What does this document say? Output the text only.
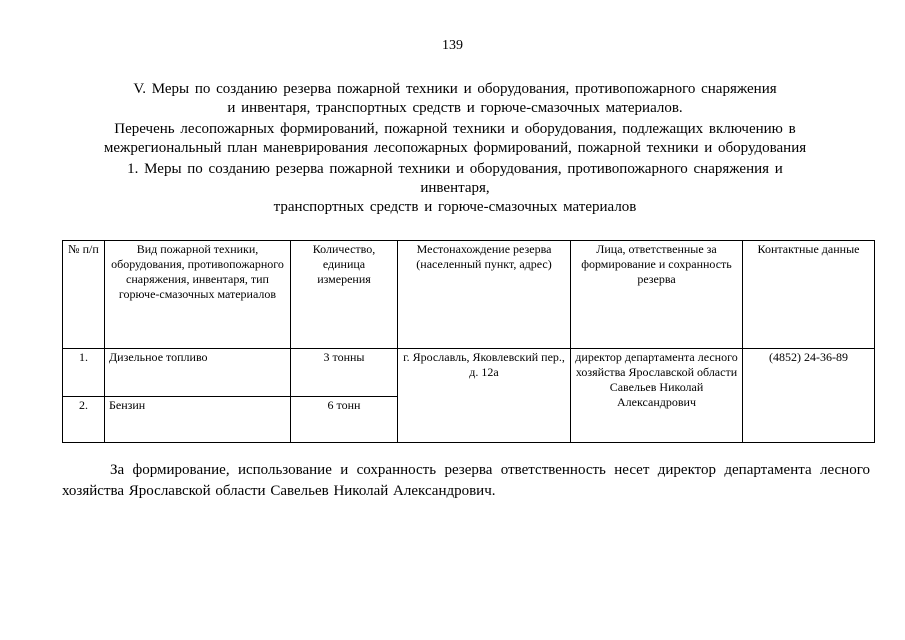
139
V. Меры по созданию резерва пожарной техники и оборудования, противопожарного снаряжения
и инвентаря, транспортных средств и горюче-смазочных материалов.
Перечень лесопожарных формирований, пожарной техники и оборудования, подлежащих включению в
межрегиональный план маневрирования лесопожарных формирований, пожарной техники и оборудования
1. Меры по созданию резерва пожарной техники и оборудования, противопожарного снаряжения и
инвентаря,
транспортных средств и горюче-смазочных материалов
№ п/п	Вид пожарной техники, оборудования, противопожарного снаряжения, инвентаря, тип горюче-смазочных материалов	Количество, единица измерения	Местонахождение резерва (населенный пункт, адрес)	Лица, ответственные за формирование и сохранность резерва	Контактные данные
1.	Дизельное топливо	3 тонны	г. Ярославль, Яковлевский пер., д. 12а	директор департамента лесного хозяйства Ярославской области Савельев Николай Александрович	(4852) 24-36-89
2.	Бензин	6 тонн			
За формирование, использование и сохранность резерва ответственность несет директор департамента лесного хозяйства Ярославской области Савельев Николай Александрович.
